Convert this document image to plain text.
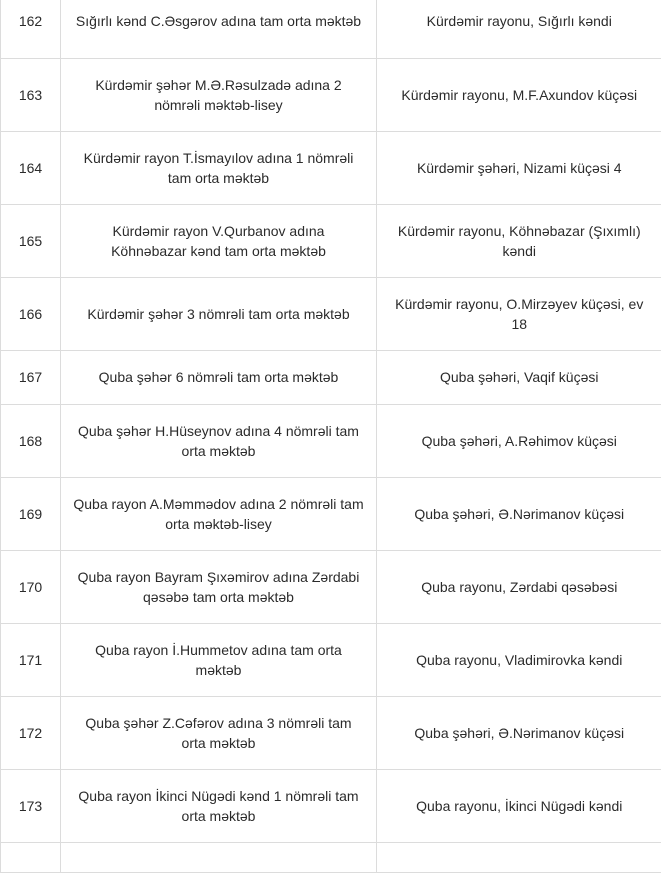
162	Sığırlı kənd C.Əsgərov adına tam orta məktəb	Kürdəmir rayonu, Sığırlı kəndi
163	Kürdəmir şəhər M.Ə.Rəsulzadə adına 2 nömrəli məktəb-lisey	Kürdəmir rayonu, M.F.Axundov küçəsi
164	Kürdəmir rayon T.İsmayılov adına 1 nömrəli tam orta məktəb	Kürdəmir şəhəri, Nizami küçəsi 4
165	Kürdəmir rayon V.Qurbanov adına Köhnəbazar kənd tam orta məktəb	Kürdəmir rayonu, Köhnəbazar (Şıxımlı) kəndi
166	Kürdəmir şəhər 3 nömrəli tam orta məktəb	Kürdəmir rayonu, O.Mirzəyev küçəsi, ev 18
167	Quba şəhər 6 nömrəli tam orta məktəb	Quba şəhəri, Vaqif küçəsi
168	Quba şəhər H.Hüseynov adına 4 nömrəli tam orta məktəb	Quba şəhəri, A.Rəhimov küçəsi
169	Quba rayon A.Məmmədov adına 2 nömrəli tam orta məktəb-lisey	Quba şəhəri, Ə.Nərimanov küçəsi
170	Quba rayon Bayram Şıxəmirov adına Zərdabi qəsəbə tam orta məktəb	Quba rayonu, Zərdabi qəsəbəsi
171	Quba rayon İ.Hummetov adına tam orta məktəb	Quba rayonu, Vladimirovka kəndi
172	Quba şəhər Z.Cəfərov adına 3 nömrəli tam orta məktəb	Quba şəhəri, Ə.Nərimanov küçəsi
173	Quba rayon İkinci Nügədi kənd 1 nömrəli tam orta məktəb	Quba rayonu, İkinci Nügədi kəndi
